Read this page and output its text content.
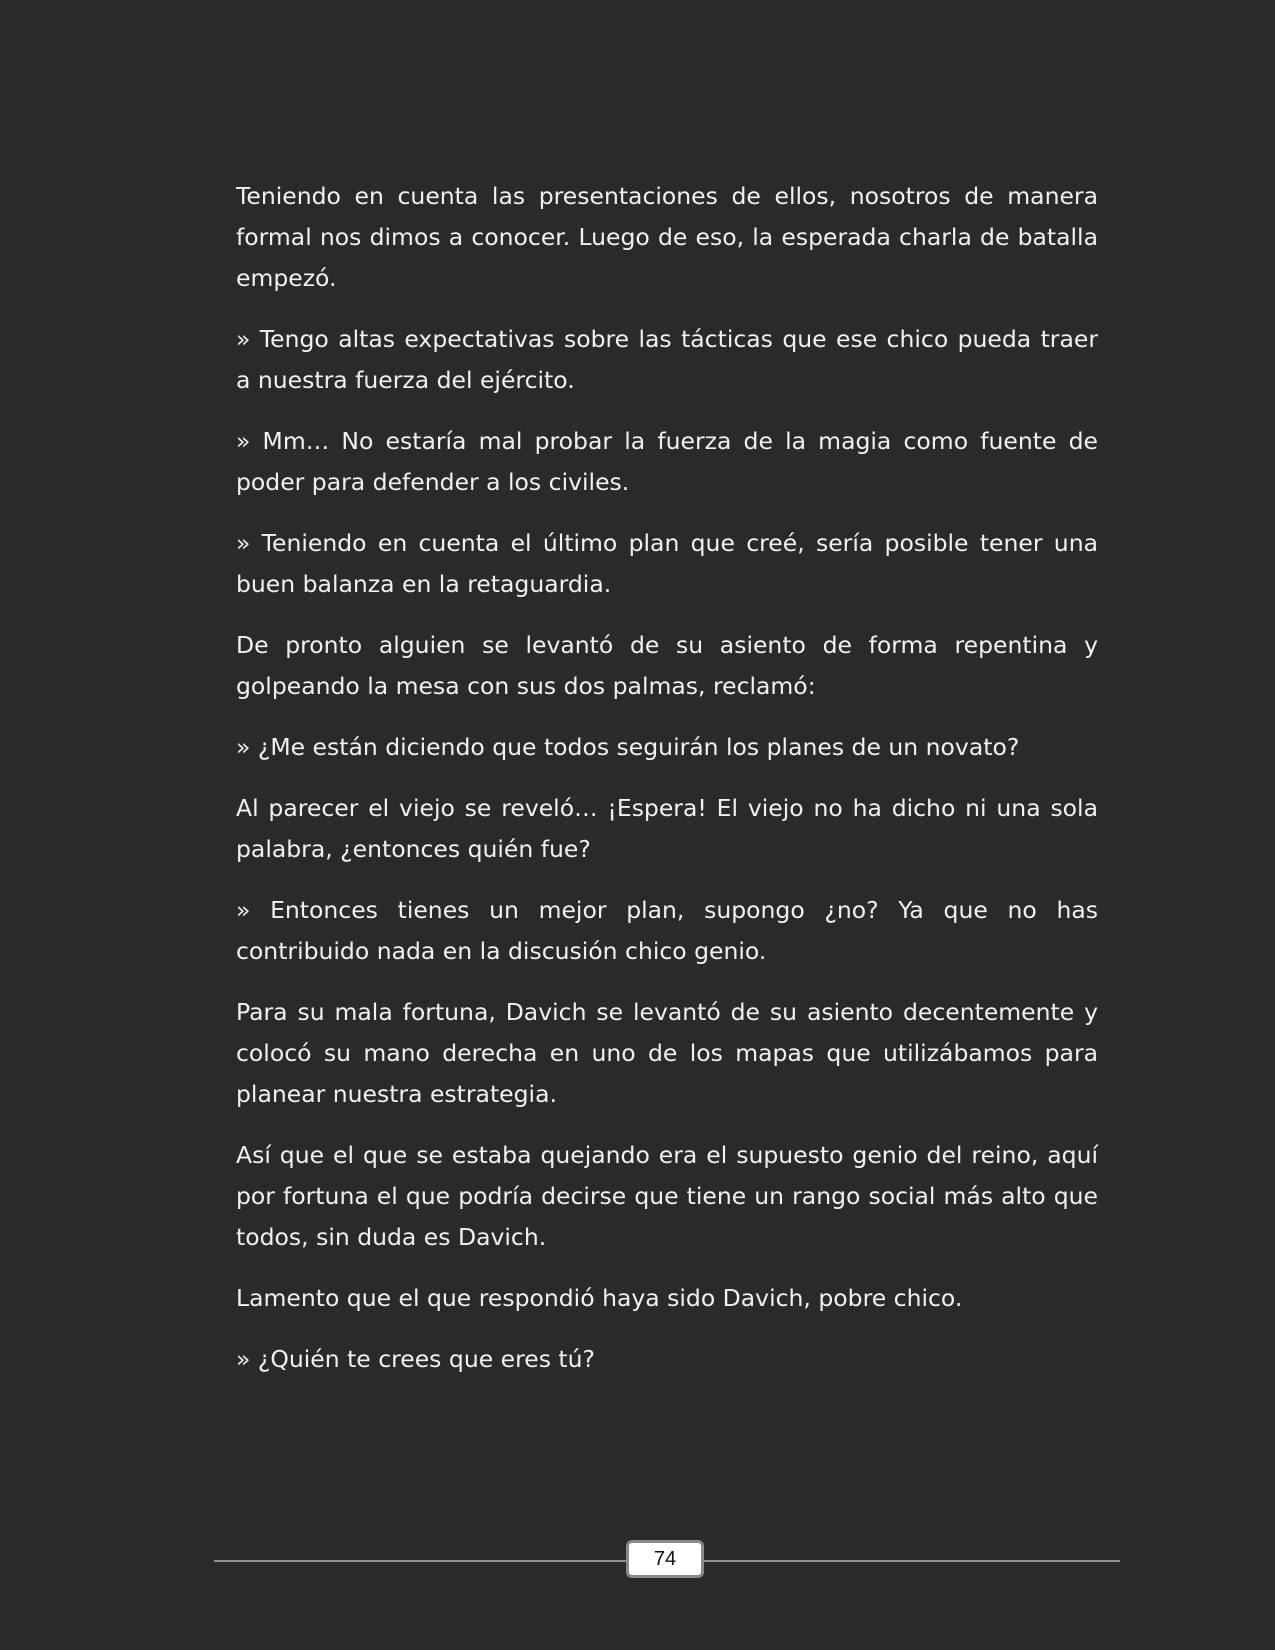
Teniendo en cuenta las presentaciones de ellos, nosotros de manera formal nos dimos a conocer. Luego de eso, la esperada charla de batalla empezó.

» Tengo altas expectativas sobre las tácticas que ese chico pueda traer a nuestra fuerza del ejército.

» Mm… No estaría mal probar la fuerza de la magia como fuente de poder para defender a los civiles.

» Teniendo en cuenta el último plan que creé, sería posible tener una buen balanza en la retaguardia.

De pronto alguien se levantó de su asiento de forma repentina y golpeando la mesa con sus dos palmas, reclamó:

» ¿Me están diciendo que todos seguirán los planes de un novato?

Al parecer el viejo se reveló… ¡Espera! El viejo no ha dicho ni una sola palabra, ¿entonces quién fue?

» Entonces tienes un mejor plan, supongo ¿no? Ya que no has contribuido nada en la discusión chico genio.

Para su mala fortuna, Davich se levantó de su asiento decentemente y colocó su mano derecha en uno de los mapas que utilizábamos para planear nuestra estrategia.

Así que el que se estaba quejando era el supuesto genio del reino, aquí por fortuna el que podría decirse que tiene un rango social más alto que todos, sin duda es Davich.

Lamento que el que respondió haya sido Davich, pobre chico.

» ¿Quién te crees que eres tú?

74
